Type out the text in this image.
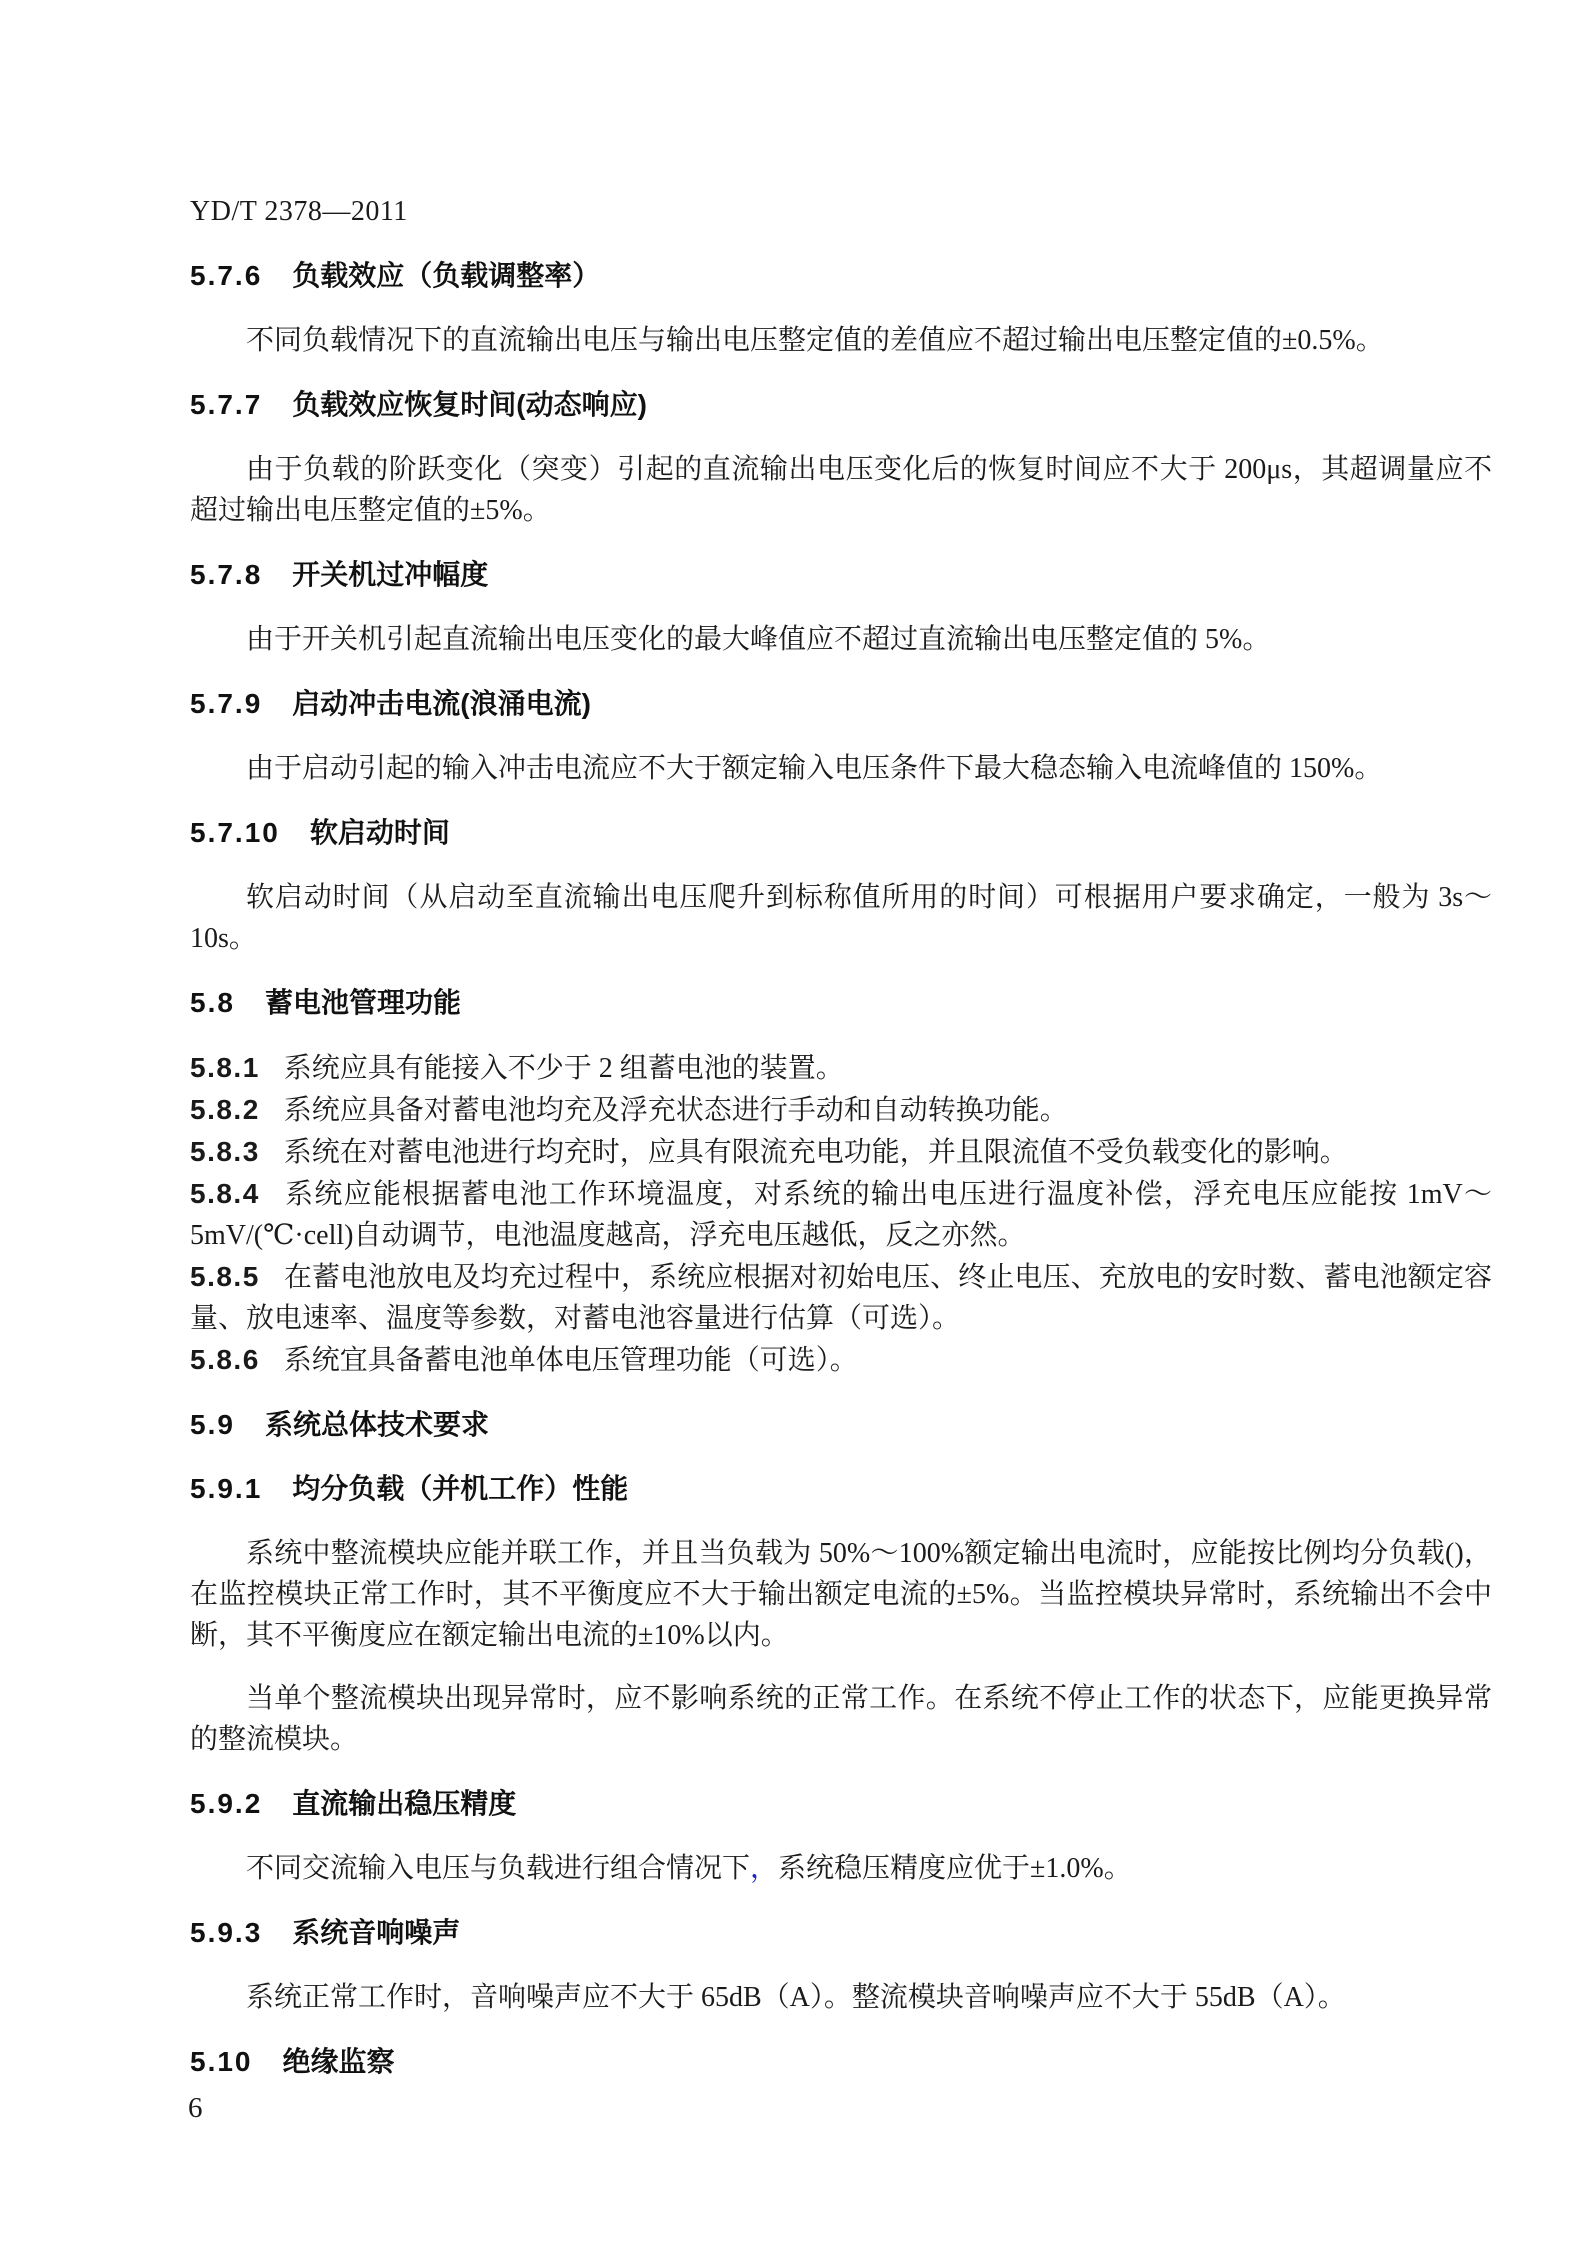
YD/T 2378—2011
5.7.6 负载效应（负载调整率）

不同负载情况下的直流输出电压与输出电压整定值的差值应不超过输出电压整定值的±0.5%。

5.7.7 负载效应恢复时间(动态响应)

由于负载的阶跃变化（突变）引起的直流输出电压变化后的恢复时间应不大于 200μs，其超调量应不超过输出电压整定值的±5%。

5.7.8 开关机过冲幅度

由于开关机引起直流输出电压变化的最大峰值应不超过直流输出电压整定值的 5%。

5.7.9 启动冲击电流(浪涌电流)

由于启动引起的输入冲击电流应不大于额定输入电压条件下最大稳态输入电流峰值的 150%。

5.7.10 软启动时间

软启动时间（从启动至直流输出电压爬升到标称值所用的时间）可根据用户要求确定，一般为 3s～10s。

5.8 蓄电池管理功能

5.8.1 系统应具有能接入不少于 2 组蓄电池的装置。

5.8.2 系统应具备对蓄电池均充及浮充状态进行手动和自动转换功能。

5.8.3 系统在对蓄电池进行均充时，应具有限流充电功能，并且限流值不受负载变化的影响。

5.8.4 系统应能根据蓄电池工作环境温度，对系统的输出电压进行温度补偿，浮充电压应能按 1mV～5mV/(℃·cell)自动调节，电池温度越高，浮充电压越低，反之亦然。

5.8.5 在蓄电池放电及均充过程中，系统应根据对初始电压、终止电压、充放电的安时数、蓄电池额定容量、放电速率、温度等参数，对蓄电池容量进行估算（可选）。

5.8.6 系统宜具备蓄电池单体电压管理功能（可选）。

5.9 系统总体技术要求
5.9.1 均分负载（并机工作）性能

系统中整流模块应能并联工作，并且当负载为 50%～100%额定输出电流时，应能按比例均分负载()，在监控模块正常工作时，其不平衡度应不大于输出额定电流的±5%。当监控模块异常时，系统输出不会中断，其不平衡度应在额定输出电流的±10%以内。

当单个整流模块出现异常时，应不影响系统的正常工作。在系统不停止工作的状态下，应能更换异常的整流模块。

5.9.2 直流输出稳压精度

不同交流输入电压与负载进行组合情况下，系统稳压精度应优于±1.0%。

5.9.3 系统音响噪声

系统正常工作时，音响噪声应不大于 65dB（A）。整流模块音响噪声应不大于 55dB（A）。

5.10 绝缘监察
6
